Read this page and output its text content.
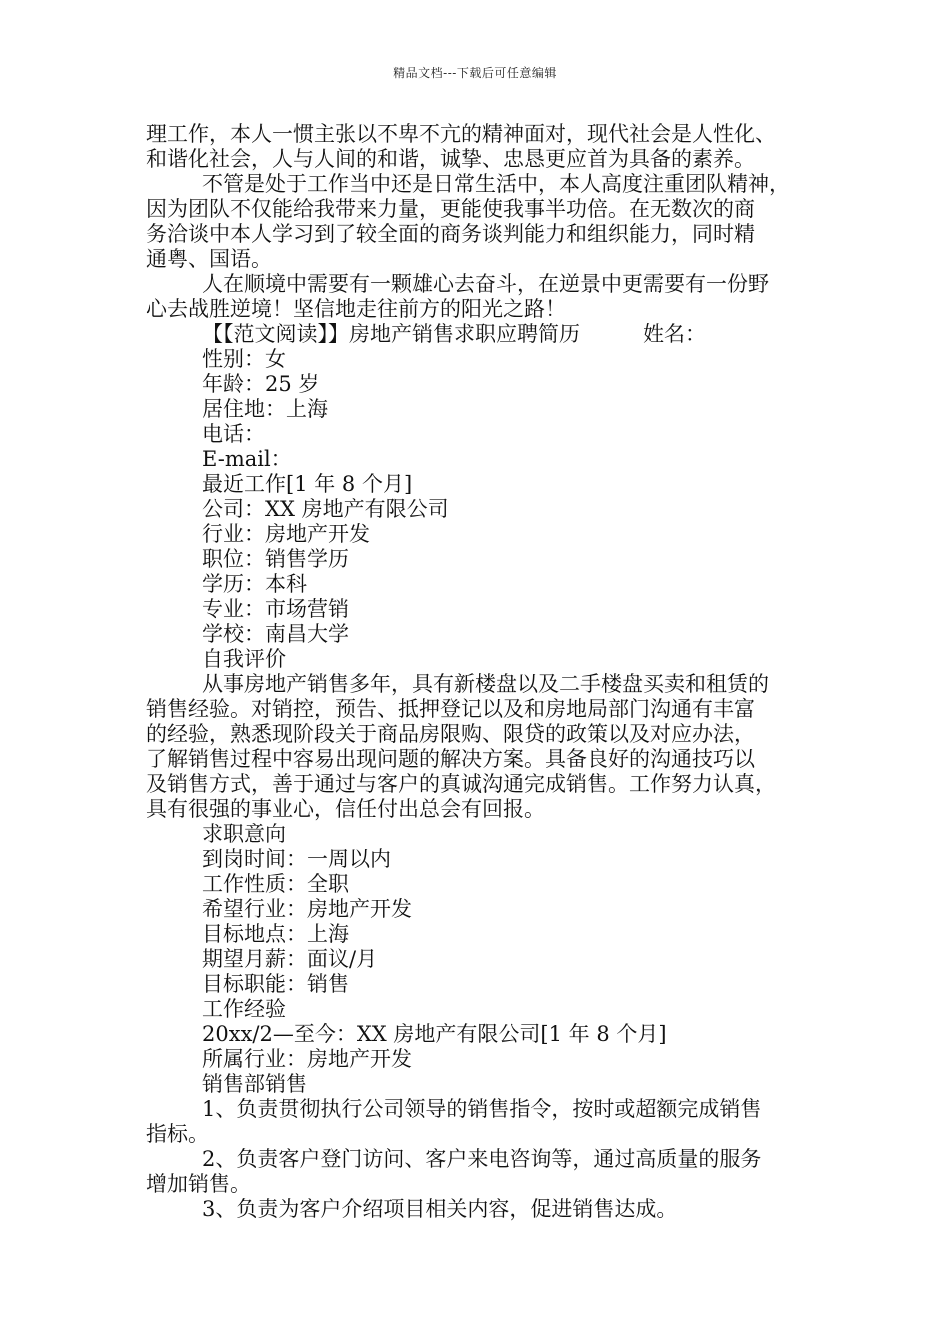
精品文档---下载后可任意编辑
理工作，本人一惯主张以不卑不亢的精神面对，现代社会是人性化、
和谐化社会，人与人间的和谐，诚挚、忠恳更应首为具备的素养。
不管是处于工作当中还是日常生活中，本人高度注重团队精神，
因为团队不仅能给我带来力量，更能使我事半功倍。在无数次的商
务洽谈中本人学习到了较全面的商务谈判能力和组织能力，同时精
通粤、国语。
人在顺境中需要有一颗雄心去奋斗，在逆景中更需要有一份野
心去战胜逆境！坚信地走往前方的阳光之路！
【【范文阅读】】房地产销售求职应聘简历　　　姓名：
性别：女
年龄：25 岁
居住地：上海
电话：
E-mail：
最近工作[1 年 8 个月]
公司：XX 房地产有限公司
行业：房地产开发
职位：销售学历
学历：本科
专业：市场营销
学校：南昌大学
自我评价
从事房地产销售多年，具有新楼盘以及二手楼盘买卖和租赁的
销售经验。对销控，预告、抵押登记以及和房地局部门沟通有丰富
的经验，熟悉现阶段关于商品房限购、限贷的政策以及对应办法，
了解销售过程中容易出现问题的解决方案。具备良好的沟通技巧以
及销售方式，善于通过与客户的真诚沟通完成销售。工作努力认真，
具有很强的事业心，信任付出总会有回报。
求职意向
到岗时间：一周以内
工作性质：全职
希望行业：房地产开发
目标地点：上海
期望月薪：面议/月
目标职能：销售
工作经验
20xx/2—至今：XX 房地产有限公司[1 年 8 个月]
所属行业：房地产开发
销售部销售
1、负责贯彻执行公司领导的销售指令，按时或超额完成销售
指标。
2、负责客户登门访问、客户来电咨询等，通过高质量的服务
增加销售。
3、负责为客户介绍项目相关内容，促进销售达成。
